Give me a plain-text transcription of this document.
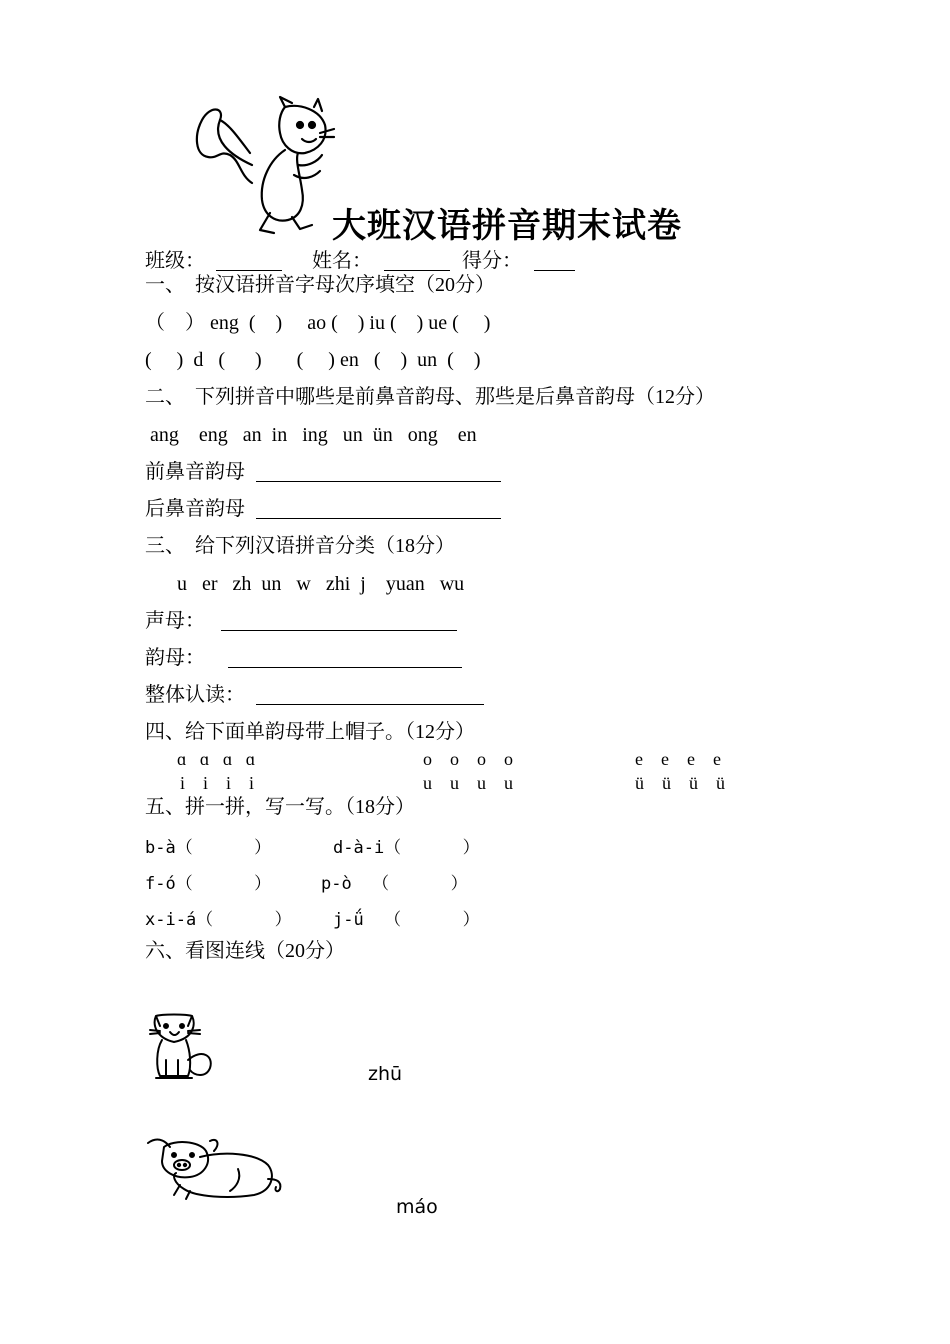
大班汉语拼音期末试卷
班级：	姓名：	得分：
一、  按汉语拼音字母次序填空（20分）
（    ） eng  (    )     ao (    ) iu (    ) ue (     )
(     )  d   (      )       (     ) en   (    )  un  (    )
二、  下列拼音中哪些是前鼻音韵母、那些是后鼻音韵母（12分）
ang    eng   an  in   ing   un  ün   ong    en
前鼻音韵母
后鼻音韵母
三、  给下列汉语拼音分类（18分）
u   er   zh  un   w   zhi  j    yuan   wu
声母：
韵母：
整体认读：
四、给下面单韵母带上帽子。（12分）
ɑ   ɑ   ɑ   ɑ	o    o    o    o	e    e    e    e
i    i    i    i	u    u    u    u	ü    ü    ü    ü
五、拼一拼，写一写。（18分）
b-à（      ）	d-à-i（      ）
f-ó（      ）	p-ò  （      ）
x-i-á（      ） j-ǘ  （      ）
六、看图连线（20分）
zhū
máo
